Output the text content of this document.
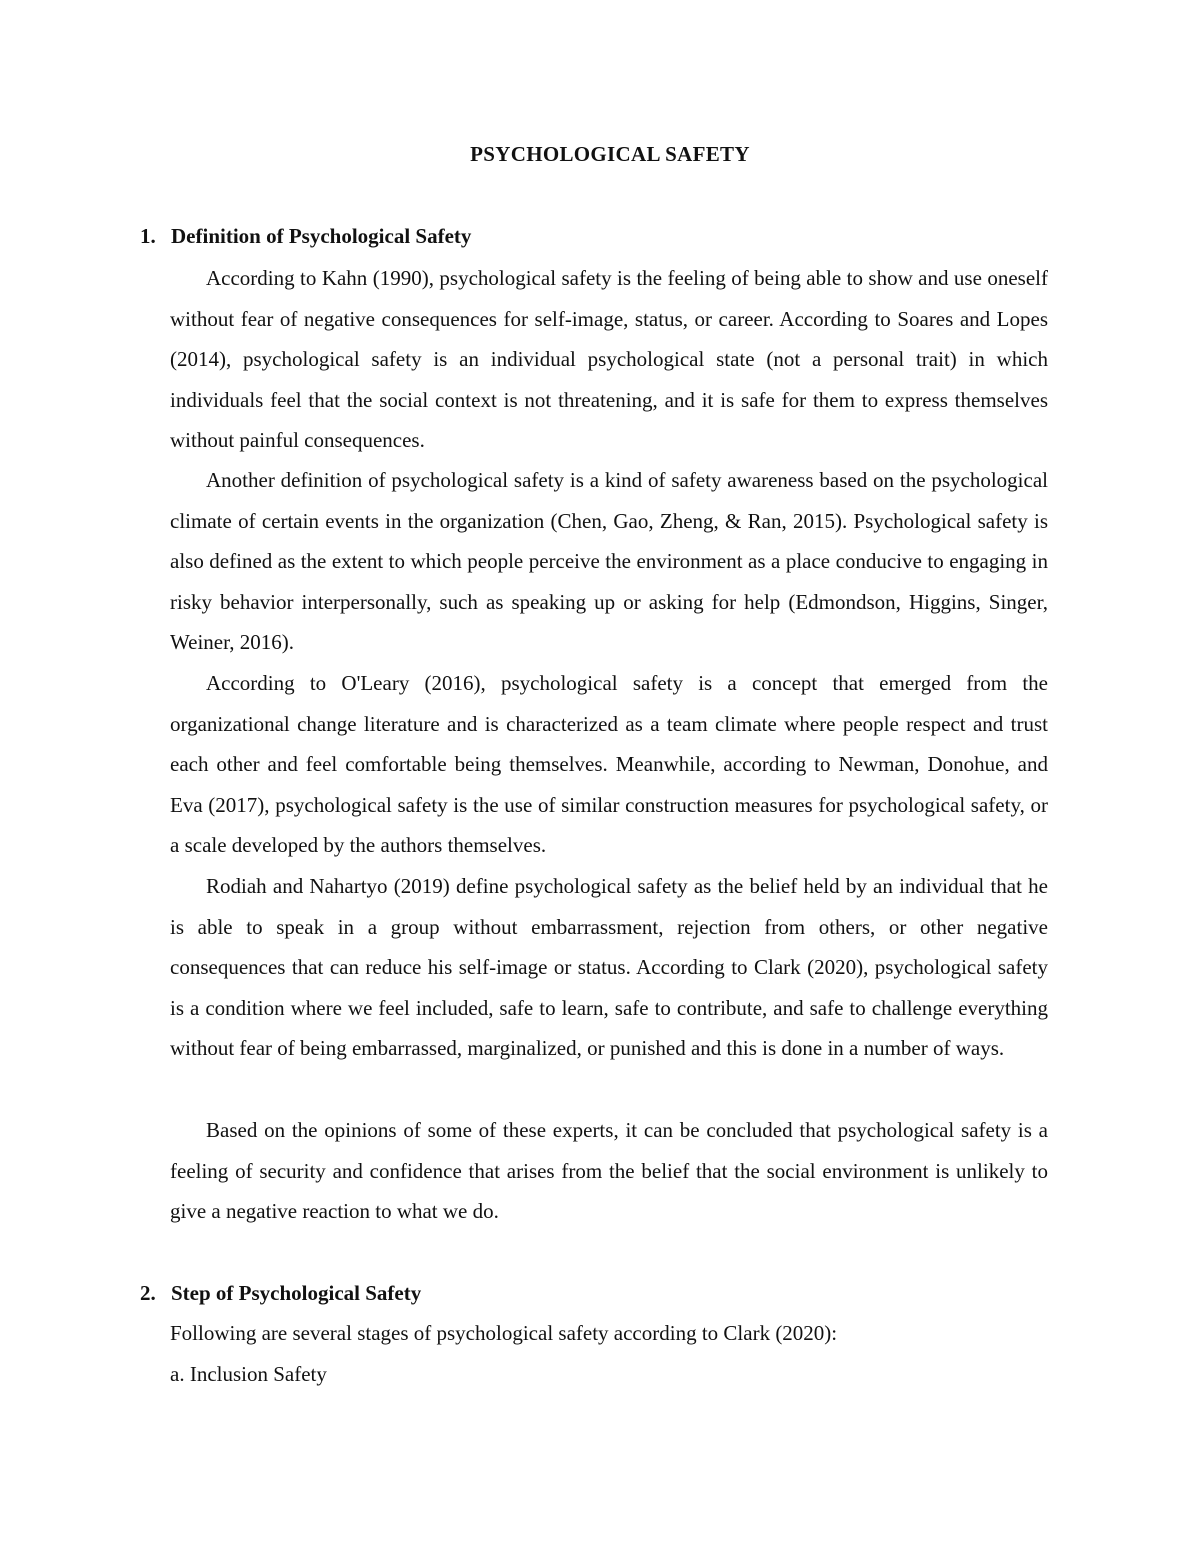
PSYCHOLOGICAL SAFETY
1. Definition of Psychological Safety

According to Kahn (1990), psychological safety is the feeling of being able to show and use oneself without fear of negative consequences for self-image, status, or career. According to Soares and Lopes (2014), psychological safety is an individual psychological state (not a personal trait) in which individuals feel that the social context is not threatening, and it is safe for them to express themselves without painful consequences.

Another definition of psychological safety is a kind of safety awareness based on the psychological climate of certain events in the organization (Chen, Gao, Zheng, & Ran, 2015). Psychological safety is also defined as the extent to which people perceive the environment as a place conducive to engaging in risky behavior interpersonally, such as speaking up or asking for help (Edmondson, Higgins, Singer, Weiner, 2016).

According to O'Leary (2016), psychological safety is a concept that emerged from the organizational change literature and is characterized as a team climate where people respect and trust each other and feel comfortable being themselves. Meanwhile, according to Newman, Donohue, and Eva (2017), psychological safety is the use of similar construction measures for psychological safety, or a scale developed by the authors themselves.

Rodiah and Nahartyo (2019) define psychological safety as the belief held by an individual that he is able to speak in a group without embarrassment, rejection from others, or other negative consequences that can reduce his self-image or status. According to Clark (2020), psychological safety is a condition where we feel included, safe to learn, safe to contribute, and safe to challenge everything without fear of being embarrassed, marginalized, or punished and this is done in a number of ways.

Based on the opinions of some of these experts, it can be concluded that psychological safety is a feeling of security and confidence that arises from the belief that the social environment is unlikely to give a negative reaction to what we do.

2. Step of Psychological Safety

Following are several stages of psychological safety according to Clark (2020):

a. Inclusion Safety
